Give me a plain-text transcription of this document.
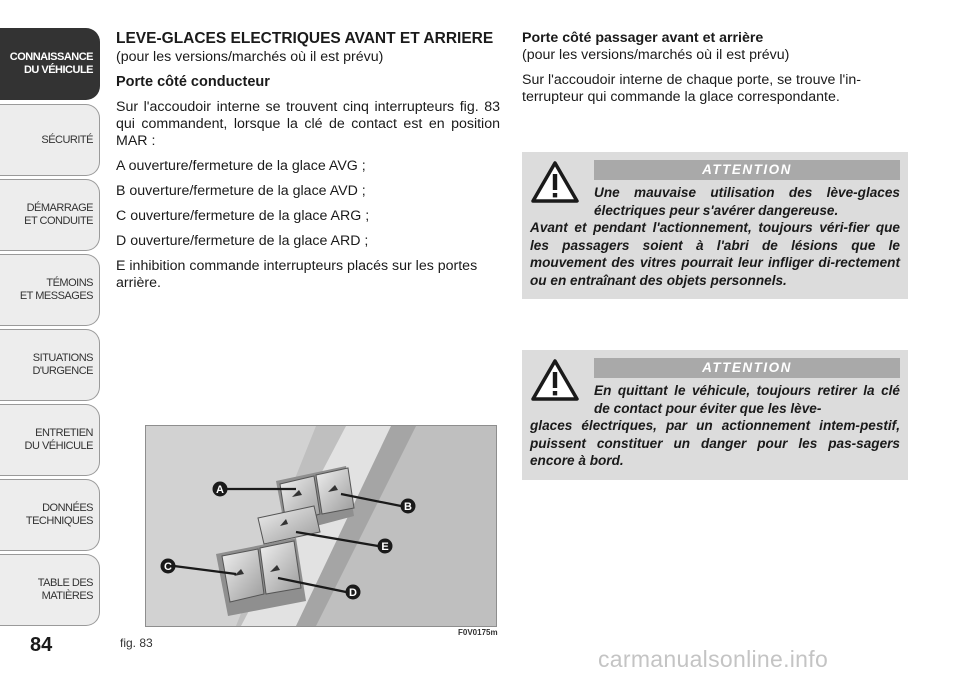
CONNAISSANCE
DU VÉHICULE
SÉCURITÉ
DÉMARRAGE
ET CONDUITE
TÉMOINS
ET MESSAGES
SITUATIONS
D'URGENCE
ENTRETIEN
DU VÉHICULE
DONNÉES
TECHNIQUES
TABLE DES
MATIÈRES
84

LEVE-GLACES ELECTRIQUES AVANT ET ARRIERE (pour les versions/marchés où il est prévu)

Porte côté conducteur

Sur l'accoudoir interne se trouvent cinq interrupteurs fig. 83 qui commandent, lorsque la clé de contact est en position MAR :

A ouverture/fermeture de la glace AVG ;

B ouverture/fermeture de la glace AVD ;

C ouverture/fermeture de la glace ARG ;

D ouverture/fermeture de la glace ARD ;

E inhibition commande interrupteurs placés sur les portes arrière.

Porte côté passager avant et arrière

(pour les versions/marchés où il est prévu)

Sur l'accoudoir interne de chaque porte, se trouve l'in-terrupteur qui commande la glace correspondante.

ATTENTION
Une mauvaise utilisation des lève-glaces électriques peur s'avérer dangereuse.
Avant et pendant l'actionnement, toujours véri-fier que les passagers soient à l'abri de lésions que le mouvement des vitres pourrait leur infliger di-rectement ou en entraînant des objets personnels.
ATTENTION
En quittant le véhicule, toujours retirer la clé de contact pour éviter que les lève-
glaces électriques, par un actionnement intem-pestif, puissent constituer un danger pour les pas-sagers encore à bord.
A
B
C
D
E
fig. 83
F0V0175m
carmanualsonline.info
